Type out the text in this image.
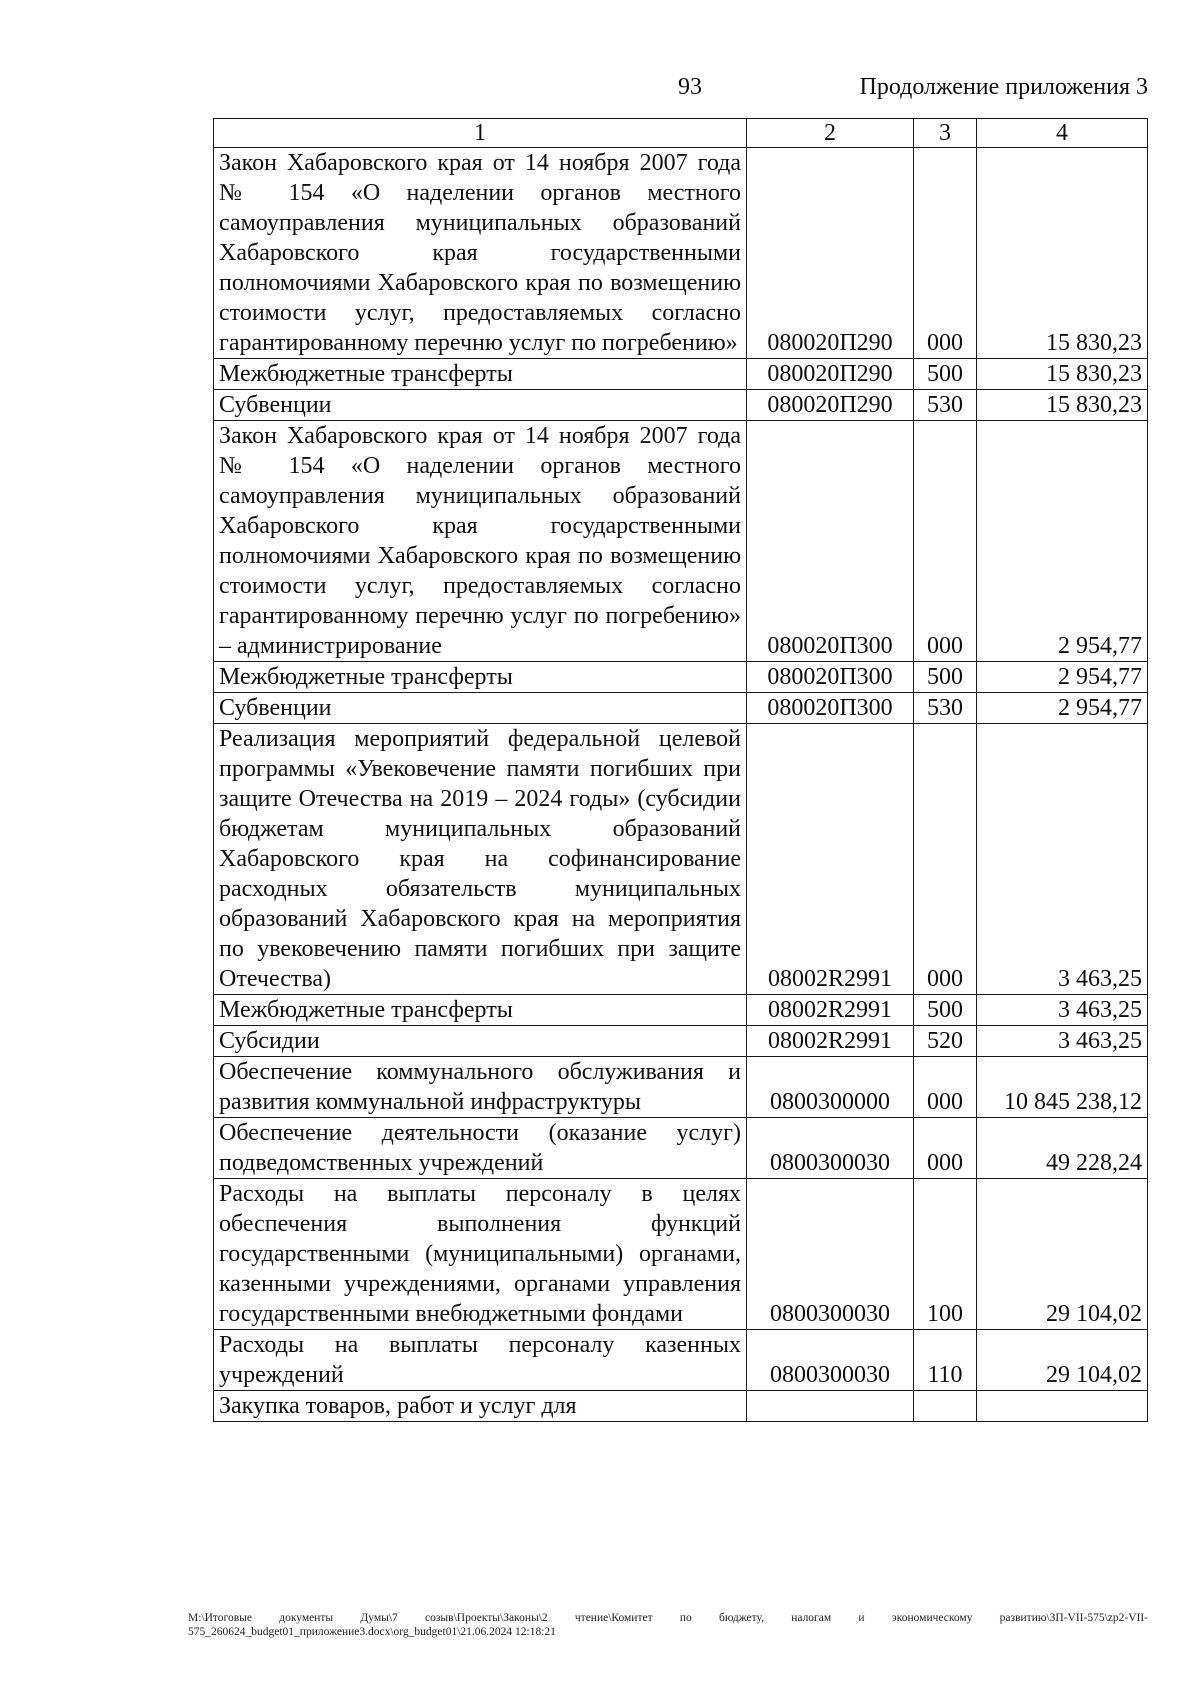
93	Продолжение приложения 3
1	2	3	4
Закон Хабаровского края от 14 ноября 2007 года № 154 «О наделении органов местного самоуправления муниципальных образований Хабаровского края государственными полномочиями Хабаровского края по возмещению стоимости услуг, предоставляемых согласно гарантированному перечню услуг по погребению»	080020П290	000	15 830,23
Межбюджетные трансферты	080020П290	500	15 830,23
Субвенции	080020П290	530	15 830,23
Закон Хабаровского края от 14 ноября 2007 года № 154 «О наделении органов местного самоуправления муниципальных образований Хабаровского края государственными полномочиями Хабаровского края по возмещению стоимости услуг, предоставляемых согласно гарантированному перечню услуг по погребению» – администрирование	080020П300	000	2 954,77
Межбюджетные трансферты	080020П300	500	2 954,77
Субвенции	080020П300	530	2 954,77
Реализация мероприятий федеральной целевой программы «Увековечение памяти погибших при защите Отечества на 2019 – 2024 годы» (субсидии бюджетам муниципальных образований Хабаровского края на софинансирование расходных обязательств муниципальных образований Хабаровского края на мероприятия по увековечению памяти погибших при защите Отечества)	08002R2991	000	3 463,25
Межбюджетные трансферты	08002R2991	500	3 463,25
Субсидии	08002R2991	520	3 463,25
Обеспечение коммунального обслуживания и развития коммунальной инфраструктуры	0800300000	000	10 845 238,12
Обеспечение деятельности (оказание услуг) подведомственных учреждений	0800300030	000	49 228,24
Расходы на выплаты персоналу в целях обеспечения выполнения функций государственными (муниципальными) органами, казенными учреждениями, органами управления государственными внебюджетными фондами	0800300030	100	29 104,02
Расходы на выплаты персоналу казенных учреждений	0800300030	110	29 104,02
Закупка товаров, работ и услуг для			
M:\Итоговые документы Думы\7 созыв\Проекты\Законы\2 чтение\Комитет по бюджету, налогам и экономическому развитию\ЗП-VII-575\zp2-VII-575_260624_budget01_приложение3.docx\org_budget01\21.06.2024 12:18:21
